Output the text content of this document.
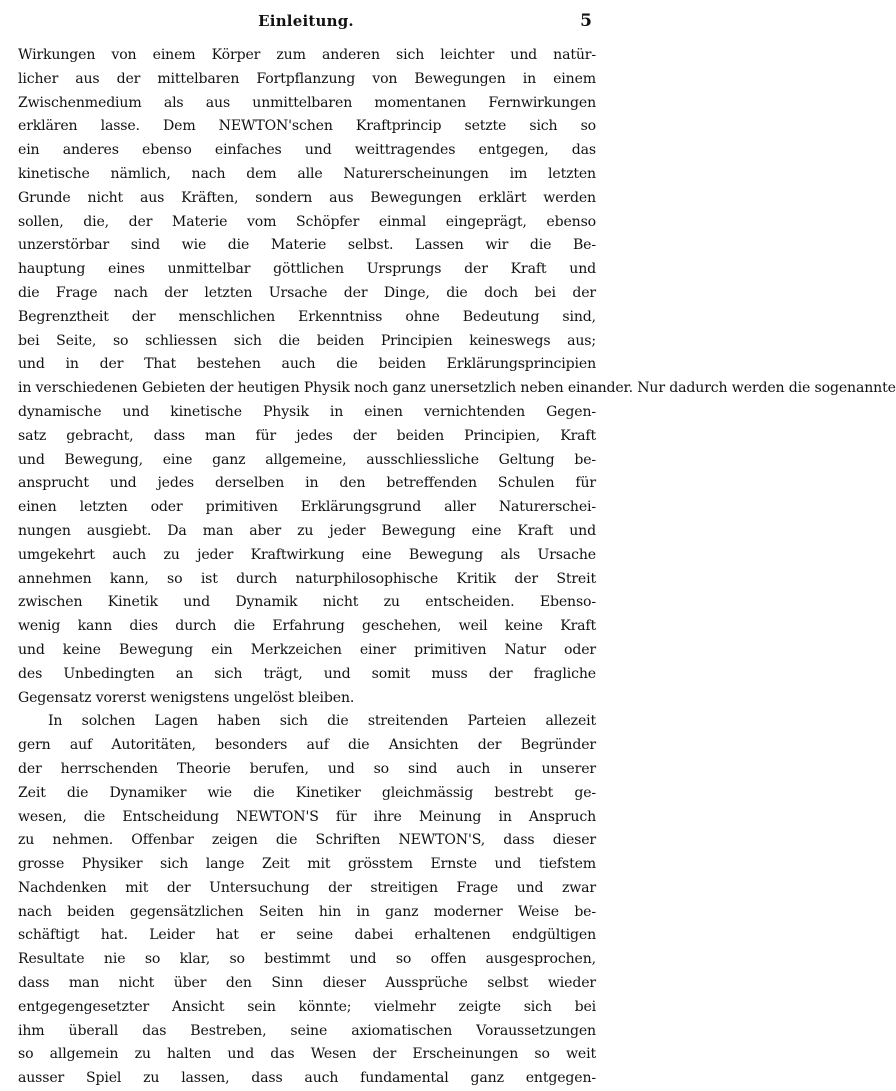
Einleitung.	5
Wirkungen von einem Körper zum anderen sich leichter und natür-
licher aus der mittelbaren Fortpflanzung von Bewegungen in einem
Zwischenmedium als aus unmittelbaren momentanen Fernwirkungen
erklären lasse. Dem NEWTON'schen Kraftprincip setzte sich so
ein anderes ebenso einfaches und weittragendes entgegen, das
kinetische nämlich, nach dem alle Naturerscheinungen im letzten
Grunde nicht aus Kräften, sondern aus Bewegungen erklärt werden
sollen, die, der Materie vom Schöpfer einmal eingeprägt, ebenso
unzerstörbar sind wie die Materie selbst. Lassen wir die Be-
hauptung eines unmittelbar göttlichen Ursprungs der Kraft und
die Frage nach der letzten Ursache der Dinge, die doch bei der
Begrenztheit der menschlichen Erkenntniss ohne Bedeutung sind,
bei Seite, so schliessen sich die beiden Principien keineswegs aus;
und in der That bestehen auch die beiden Erklärungsprincipien
in verschiedenen Gebieten der heutigen Physik noch ganz unersetzlich neben einander. Nur dadurch werden die sogenannte
dynamische und kinetische Physik in einen vernichtenden Gegen-
satz gebracht, dass man für jedes der beiden Principien, Kraft
und Bewegung, eine ganz allgemeine, ausschliessliche Geltung be-
ansprucht und jedes derselben in den betreffenden Schulen für
einen letzten oder primitiven Erklärungsgrund aller Naturerschei-
nungen ausgiebt. Da man aber zu jeder Bewegung eine Kraft und
umgekehrt auch zu jeder Kraftwirkung eine Bewegung als Ursache
annehmen kann, so ist durch naturphilosophische Kritik der Streit
zwischen Kinetik und Dynamik nicht zu entscheiden. Ebenso-
wenig kann dies durch die Erfahrung geschehen, weil keine Kraft
und keine Bewegung ein Merkzeichen einer primitiven Natur oder
des Unbedingten an sich trägt, und somit muss der fragliche
Gegensatz vorerst wenigstens ungelöst bleiben.
In solchen Lagen haben sich die streitenden Parteien allezeit
gern auf Autoritäten, besonders auf die Ansichten der Begründer
der herrschenden Theorie berufen, und so sind auch in unserer
Zeit die Dynamiker wie die Kinetiker gleichmässig bestrebt ge-
wesen, die Entscheidung NEWTON'S für ihre Meinung in Anspruch
zu nehmen. Offenbar zeigen die Schriften NEWTON'S, dass dieser
grosse Physiker sich lange Zeit mit grösstem Ernste und tiefstem
Nachdenken mit der Untersuchung der streitigen Frage und zwar
nach beiden gegensätzlichen Seiten hin in ganz moderner Weise be-
schäftigt hat. Leider hat er seine dabei erhaltenen endgültigen
Resultate nie so klar, so bestimmt und so offen ausgesprochen,
dass man nicht über den Sinn dieser Aussprüche selbst wieder
entgegengesetzter Ansicht sein könnte; vielmehr zeigte sich bei
ihm überall das Bestreben, seine axiomatischen Voraussetzungen
so allgemein zu halten und das Wesen der Erscheinungen so weit
ausser Spiel zu lassen, dass auch fundamental ganz entgegen-
